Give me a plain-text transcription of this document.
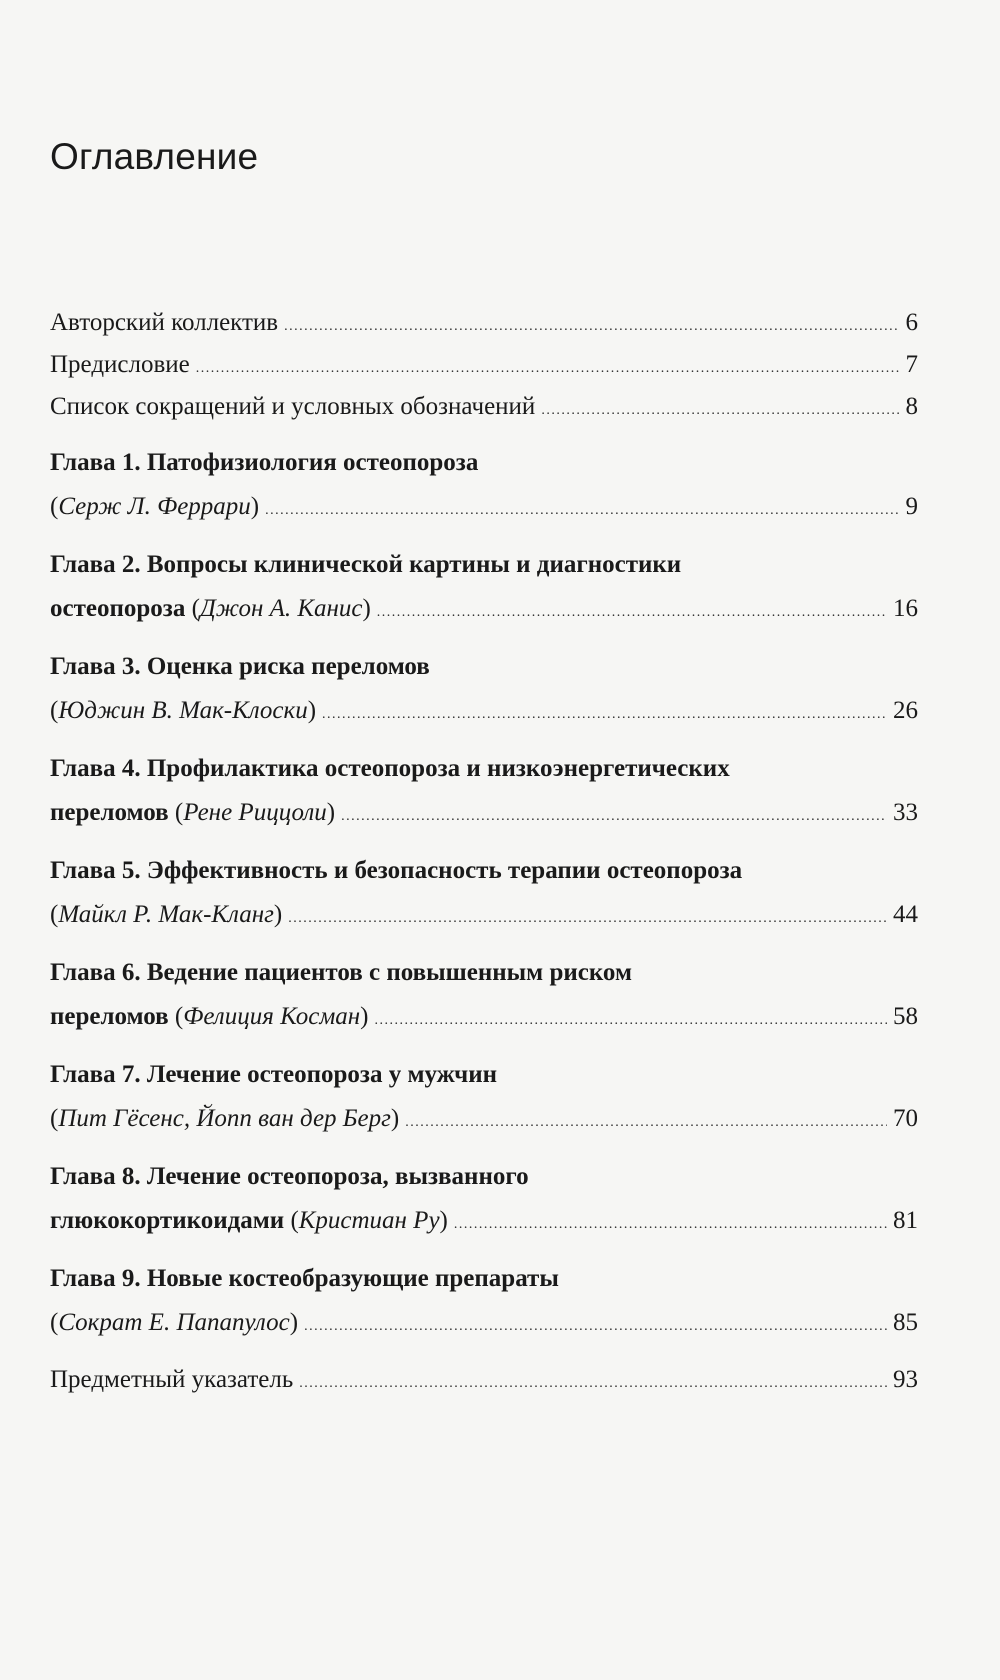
Оглавление
Авторский коллектив . . .	6
Предисловие . . .	7
Список сокращений и условных обозначений . . .	8
Глава 1. Патофизиология остеопороза
(Серж Л. Феррари) . . .	9
Глава 2. Вопросы клинической картины и диагностики
остеопороза (Джон А. Канис) . . .	16
Глава 3. Оценка риска переломов
(Юджин В. Мак-Клоски) . . .	26
Глава 4. Профилактика остеопороза и низкоэнергетических
переломов (Рене Риццоли) . . .	33
Глава 5. Эффективность и безопасность терапии остеопороза
(Майкл Р. Мак-Кланг) . . .	44
Глава 6. Ведение пациентов с повышенным риском
переломов (Фелиция Косман) . . .	58
Глава 7. Лечение остеопороза у мужчин
(Пит Гёсенс, Йопп ван дер Берг) . . .	70
Глава 8. Лечение остеопороза, вызванного
глюкокортикоидами (Кристиан Ру) . . .	81
Глава 9. Новые костеобразующие препараты
(Сократ Е. Папапулос) . . .	85
Предметный указатель . . .	93
